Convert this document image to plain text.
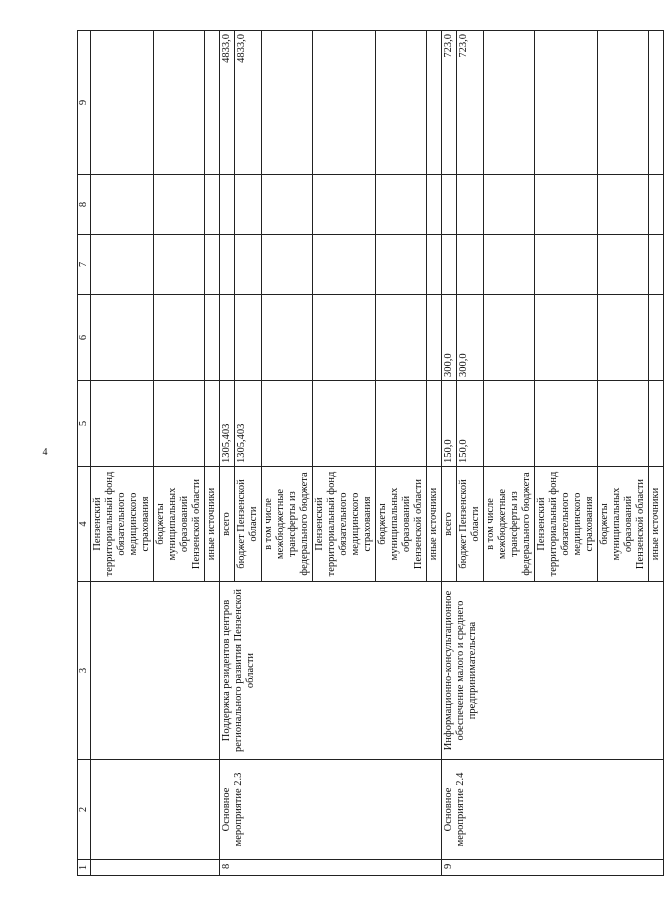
4
1	2	3	4	5	6	7	8	9
			Пензенский территориальный фонд обязательного медицинского страхования					
			бюджеты муниципальных образований Пензенской области					
			иные источники					
8	Основное мероприятие 2.3	Поддержка резидентов центров регионального развития Пензенской области	всего	1305,403				4833,0
			бюджет Пензенской области	1305,403				4833,0
			в том числе межбюджетные трансферты из федерального бюджета					
			Пензенский территориальный фонд обязательного медицинского страхования					
			бюджеты муниципальных образований Пензенской области					
			иные источники					
9	Основное мероприятие 2.4	Информационно-консультационное обеспечение малого и среднего предпринимательства	всего	150,0	300,0			723,0
			бюджет Пензенской области	150,0	300,0			723,0
			в том числе межбюджетные трансферты из федерального бюджета					
			Пензенский территориальный фонд обязательного медицинского страхования					
			бюджеты муниципальных образований Пензенской области					
			иные источники					
